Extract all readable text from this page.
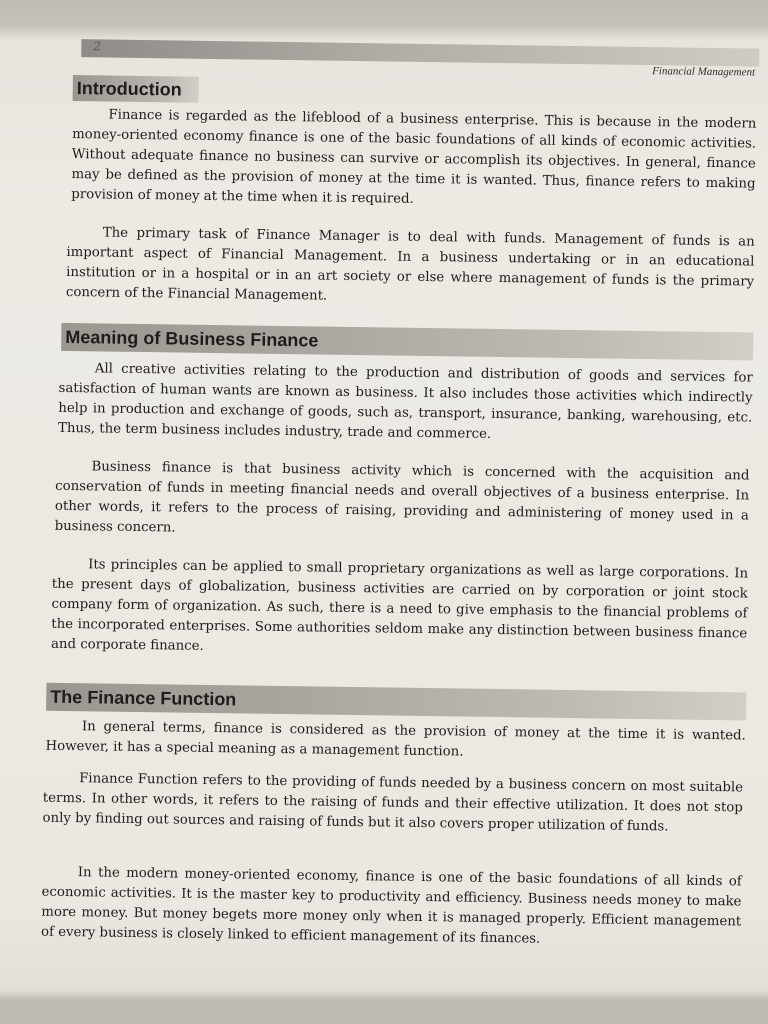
2
Financial Management
Introduction

Finance is regarded as the lifeblood of a business enterprise. This is because in the modern money-oriented economy finance is one of the basic foundations of all kinds of economic activities. Without adequate finance no business can survive or accomplish its objectives. In general, finance may be defined as the provision of money at the time it is wanted. Thus, finance refers to making provision of money at the time when it is required.

The primary task of Finance Manager is to deal with funds. Management of funds is an important aspect of Financial Management. In a business undertaking or in an educational institution or in a hospital or in an art society or else where management of funds is the primary concern of the Financial Management.

Meaning of Business Finance

All creative activities relating to the production and distribution of goods and services for satisfaction of human wants are known as business. It also includes those activities which indirectly help in production and exchange of goods, such as, transport, insurance, banking, warehousing, etc. Thus, the term business includes industry, trade and commerce.

Business finance is that business activity which is concerned with the acquisition and conservation of funds in meeting financial needs and overall objectives of a business enterprise. In other words, it refers to the process of raising, providing and administering of money used in a business concern.

Its principles can be applied to small proprietary organizations as well as large corporations. In the present days of globalization, business activities are carried on by corporation or joint stock company form of organization. As such, there is a need to give emphasis to the financial problems of the incorporated enterprises. Some authorities seldom make any distinction between business finance and corporate finance.

The Finance Function

In general terms, finance is considered as the provision of money at the time it is wanted. However, it has a special meaning as a management function.

Finance Function refers to the providing of funds needed by a business concern on most suitable terms. In other words, it refers to the raising of funds and their effective utilization. It does not stop only by finding out sources and raising of funds but it also covers proper utilization of funds.

In the modern money-oriented economy, finance is one of the basic foundations of all kinds of economic activities. It is the master key to productivity and efficiency. Business needs money to make more money. But money begets more money only when it is managed properly. Efficient management of every business is closely linked to efficient management of its finances.
